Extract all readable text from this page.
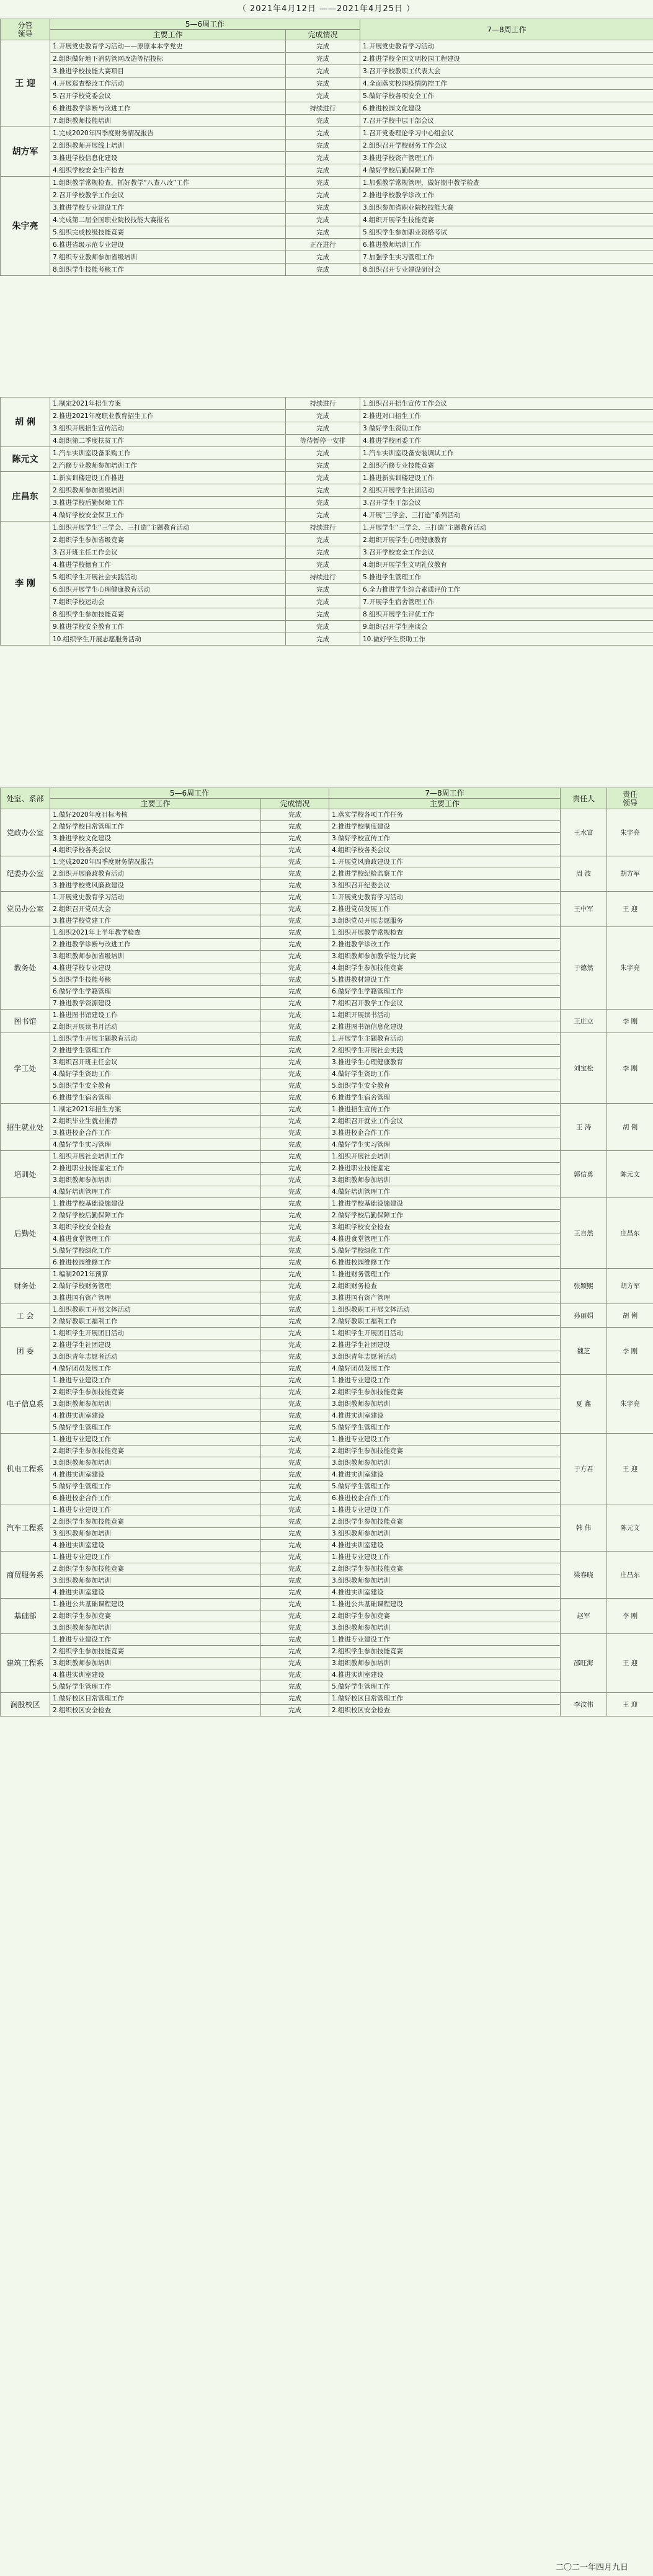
（ 2021年4月12日 ——2021年4月25日 ）
分管
领导	5—6周工作		7—8周工作
	主要工作	完成情况	
王 迎	1.开展党史教育学习活动——原原本本学党史	完成	1.开展党史教育学习活动
	2.组织做好地下消防管网改造等招投标	完成	2.推进学校全国文明校园工程建设
	3.推进学校技能大赛项目	完成	3.召开学校教职工代表大会
	4.开展巡查整改工作活动	完成	4.全面落实校园疫情防控工作
	5.召开学校党委会议	完成	5.做好学校各项安全工作
	6.推进教学诊断与改进工作	持续进行	6.推进校园文化建设
	7.组织教师技能培训	完成	7.召开学校中层干部会议
胡方军	1.完成2020年四季度财务情况报告	完成	1.召开党委理论学习中心组会议
	2.组织教师开展线上培训	完成	2.组织召开学校财务工作会议
	3.推进学校信息化建设	完成	3.推进学校资产管理工作
	4.组织学校安全生产检查	完成	4.做好学校后勤保障工作
朱宇亮	1.组织教学常规检查，抓好教学“八查八改”工作	完成	1.加强教学常规管理，做好期中教学检查
	2.召开学校教学工作会议	完成	2.推进学校教学诊改工作
	3.推进学校专业建设工作	完成	3.组织参加省职业院校技能大赛
	4.完成第二届全国职业院校技能大赛报名	完成	4.组织开展学生技能竞赛
	5.组织完成校级技能竞赛	完成	5.组织学生参加职业资格考试
	6.推进省级示范专业建设	正在进行	6.推进教师培训工作
	7.组织专业教师参加省级培训	完成	7.加强学生实习管理工作
	8.组织学生技能考核工作	完成	8.组织召开专业建设研讨会
胡 俐	1.制定2021年招生方案	持续进行	1.组织召开招生宣传工作会议
	2.推进2021年度职业教育招生工作	完成	2.推进对口招生工作
	3.组织开展招生宣传活动	完成	3.做好学生资助工作
	4.组织第二季度扶贫工作	等待暂停一安排	4.推进学校团委工作
陈元文	1.汽车实训室设备采购工作	完成	1.汽车实训室设备安装调试工作
	2.汽修专业教师参加培训工作	完成	2.组织汽修专业技能竞赛
庄昌东	1.新实训楼建设工作推进	完成	1.推进新实训楼建设工作
	2.组织教师参加省级培训	完成	2.组织开展学生社团活动
	3.推进学校后勤保障工作	完成	3.召开学生干部会议
	4.做好学校安全保卫工作	完成	4.开展“三学会、三打造”系列活动
李 刚	1.组织开展学生“三学会、三打造”主题教育活动	持续进行	1.开展学生“三学会、三打造”主题教育活动
	2.组织学生参加省级竞赛	完成	2.组织开展学生心理健康教育
	3.召开班主任工作会议	完成	3.召开学校安全工作会议
	4.推进学校德育工作	完成	4.组织开展学生文明礼仪教育
	5.组织学生开展社会实践活动	持续进行	5.推进学生管理工作
	6.组织开展学生心理健康教育活动	完成	6.全力推进学生综合素质评价工作
	7.组织学校运动会	完成	7.开展学生宿舍管理工作
	8.组织学生参加技能竞赛	完成	8.组织开展学生评优工作
	9.推进学校安全教育工作	完成	9.组织召开学生座谈会
	10.组织学生开展志愿服务活动	完成	10.做好学生资助工作
处室、系部	5—6周工作		7—8周工作	责任人	责任
领导
	主要工作	完成情况	主要工作		
党政办公室	1.做好2020年度目标考核	完成	1.落实学校各项工作任务	王水富	朱宇亮
	2.做好学校日常管理工作	完成	2.推进学校制度建设		
	3.推进学校文化建设	完成	3.做好学校宣传工作		
	4.组织学校各类会议	完成	4.组织学校各类会议		
纪委办公室	1.完成2020年四季度财务情况报告	完成	1.开展党风廉政建设工作	周 波	胡方军
	2.组织开展廉政教育活动	完成	2.推进学校纪检监察工作		
	3.推进学校党风廉政建设	完成	3.组织召开纪委会议		
党员办公室	1.开展党史教育学习活动	完成	1.开展党史教育学习活动	王中军	王 迎
	2.组织召开党员大会	完成	2.推进党员发展工作		
	3.推进学校党建工作	完成	3.组织党员开展志愿服务		
教务处	1.组织2021年上半年教学检查	完成	1.组织开展教学常规检查	于德然	朱宇亮
	2.推进教学诊断与改进工作	完成	2.推进教学诊改工作		
	3.组织教师参加省级培训	完成	3.组织教师参加教学能力比赛		
	4.推进学校专业建设	完成	4.组织学生参加技能竞赛		
	5.组织学生技能考核	完成	5.推进教材建设工作		
	6.做好学生学籍管理	完成	6.做好学生学籍管理工作		
	7.推进教学资源建设	完成	7.组织召开教学工作会议		
图书馆	1.推进图书馆建设工作	完成	1.组织开展读书活动	王庄立	李 刚
	2.组织开展读书月活动	完成	2.推进图书馆信息化建设		
学工处	1.组织学生开展主题教育活动	完成	1.开展学生主题教育活动	刘宝松	李 刚
	2.推进学生管理工作	完成	2.组织学生开展社会实践		
	3.组织召开班主任会议	完成	3.推进学生心理健康教育		
	4.做好学生资助工作	完成	4.做好学生资助工作		
	5.组织学生安全教育	完成	5.组织学生安全教育		
	6.推进学生宿舍管理	完成	6.推进学生宿舍管理		
招生就业处	1.制定2021年招生方案	完成	1.推进招生宣传工作	王 涛	胡 俐
	2.组织毕业生就业推荐	完成	2.组织召开就业工作会议		
	3.推进校企合作工作	完成	3.推进校企合作工作		
	4.做好学生实习管理	完成	4.做好学生实习管理		
培训处	1.组织开展社会培训工作	完成	1.组织开展社会培训	郭信勇	陈元文
	2.推进职业技能鉴定工作	完成	2.推进职业技能鉴定		
	3.组织教师参加培训	完成	3.组织教师参加培训		
	4.做好培训管理工作	完成	4.做好培训管理工作		
后勤处	1.推进学校基础设施建设	完成	1.推进学校基础设施建设	王自然	庄昌东
	2.做好学校后勤保障工作	完成	2.做好学校后勤保障工作		
	3.组织学校安全检查	完成	3.组织学校安全检查		
	4.推进食堂管理工作	完成	4.推进食堂管理工作		
	5.做好学校绿化工作	完成	5.做好学校绿化工作		
	6.推进校园维修工作	完成	6.推进校园维修工作		
财务处	1.编制2021年预算	完成	1.推进财务管理工作	张颖熙	胡方军
	2.做好学校财务管理	完成	2.组织财务检查		
	3.推进国有资产管理	完成	3.推进国有资产管理		
工 会	1.组织教职工开展文体活动	完成	1.组织教职工开展文体活动	孙丽娟	胡 俐
	2.做好教职工福利工作	完成	2.做好教职工福利工作		
团 委	1.组织学生开展团日活动	完成	1.组织学生开展团日活动	魏芝	李 刚
	2.推进学生社团建设	完成	2.推进学生社团建设		
	3.组织青年志愿者活动	完成	3.组织青年志愿者活动		
	4.做好团员发展工作	完成	4.做好团员发展工作		
电子信息系	1.推进专业建设工作	完成	1.推进专业建设工作	夏 鑫	朱宇亮
	2.组织学生参加技能竞赛	完成	2.组织学生参加技能竞赛		
	3.组织教师参加培训	完成	3.组织教师参加培训		
	4.推进实训室建设	完成	4.推进实训室建设		
	5.做好学生管理工作	完成	5.做好学生管理工作		
机电工程系	1.推进专业建设工作	完成	1.推进专业建设工作	于方君	王 迎
	2.组织学生参加技能竞赛	完成	2.组织学生参加技能竞赛		
	3.组织教师参加培训	完成	3.组织教师参加培训		
	4.推进实训室建设	完成	4.推进实训室建设		
	5.做好学生管理工作	完成	5.做好学生管理工作		
	6.推进校企合作工作	完成	6.推进校企合作工作		
汽车工程系	1.推进专业建设工作	完成	1.推进专业建设工作	韩 伟	陈元文
	2.组织学生参加技能竞赛	完成	2.组织学生参加技能竞赛		
	3.组织教师参加培训	完成	3.组织教师参加培训		
	4.推进实训室建设	完成	4.推进实训室建设		
商贸服务系	1.推进专业建设工作	完成	1.推进专业建设工作	梁春晓	庄昌东
	2.组织学生参加技能竞赛	完成	2.组织学生参加技能竞赛		
	3.组织教师参加培训	完成	3.组织教师参加培训		
	4.推进实训室建设	完成	4.推进实训室建设		
基础部	1.推进公共基础课程建设	完成	1.推进公共基础课程建设	赵军	李 刚
	2.组织学生参加竞赛	完成	2.组织学生参加竞赛		
	3.组织教师参加培训	完成	3.组织教师参加培训		
建筑工程系	1.推进专业建设工作	完成	1.推进专业建设工作	邵旺海	王 迎
	2.组织学生参加技能竞赛	完成	2.组织学生参加技能竞赛		
	3.组织教师参加培训	完成	3.组织教师参加培训		
	4.推进实训室建设	完成	4.推进实训室建设		
	5.做好学生管理工作	完成	5.做好学生管理工作		
润殷校区	1.做好校区日常管理工作	完成	1.做好校区日常管理工作	李汶伟	王 迎
	2.组织校区安全检查	完成	2.组织校区安全检查		
二〇二一年四月九日
